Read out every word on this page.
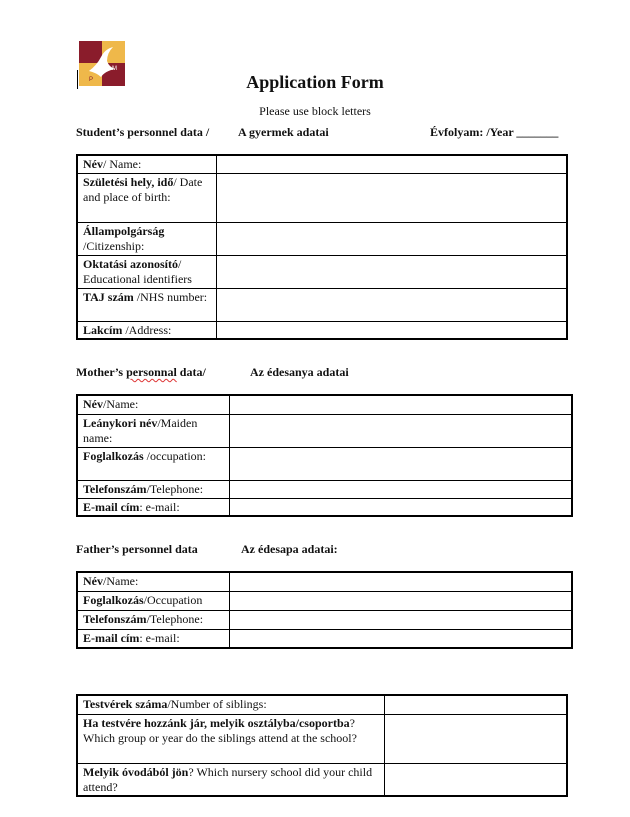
P
M
Application Form
Please use block letters
Student’s personnel data / A gyermek adatai	Évfolyam: /Year _______
Név/ Name:	
Születési hely, idő/ Date and place of birth:	
Állampolgárság /Citizenship:	
Oktatási azonosító/ Educational identifiers	
TAJ szám /NHS number:	
Lakcím /Address:	
Mother’s personnal data/	Az édesanya adatai
Név/Name:	
Leánykori név/Maiden name:	
Foglalkozás /occupation:	
Telefonszám/Telephone:	
E-mail cím: e-mail:	
Father’s personnel data	Az édesapa adatai:
Név/Name:	
Foglalkozás/Occupation	
Telefonszám/Telephone:	
E-mail cím: e-mail:	
Testvérek száma/Number of siblings:	
Ha testvére hozzánk jár, melyik osztályba/csoportba? Which group or year do the siblings attend at the school?	
Melyik óvodából jön? Which nursery school did your child attend?	
